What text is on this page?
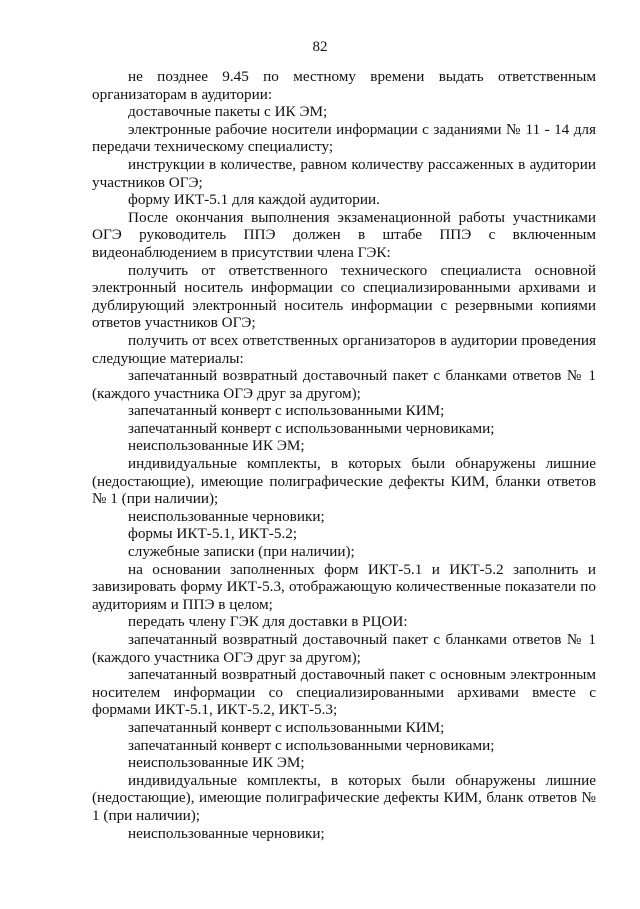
82

не позднее 9.45 по местному времени выдать ответственным организаторам в аудитории:

доставочные пакеты с ИК ЭМ;

электронные рабочие носители информации с заданиями № 11 - 14 для передачи техническому специалисту;

инструкции в количестве, равном количеству рассаженных в аудитории участников ОГЭ;

форму ИКТ-5.1 для каждой аудитории.

После окончания выполнения экзаменационной работы участниками ОГЭ руководитель ППЭ должен в штабе ППЭ с включенным видеонаблюдением в присутствии члена ГЭК:

получить от ответственного технического специалиста основной электронный носитель информации со специализированными архивами и дублирующий электронный носитель информации с резервными копиями ответов участников ОГЭ;

получить от всех ответственных организаторов в аудитории проведения следующие материалы:

запечатанный возвратный доставочный пакет с бланками ответов № 1 (каждого участника ОГЭ друг за другом);

запечатанный конверт с использованными КИМ;

запечатанный конверт с использованными черновиками;

неиспользованные ИК ЭМ;

индивидуальные комплекты, в которых были обнаружены лишние (недостающие), имеющие полиграфические дефекты КИМ, бланки ответов № 1 (при наличии);

неиспользованные черновики;

формы ИКТ-5.1, ИКТ-5.2;

служебные записки (при наличии);

на основании заполненных форм ИКТ-5.1 и ИКТ-5.2 заполнить и завизировать форму ИКТ-5.3, отображающую количественные показатели по аудиториям и ППЭ в целом;

передать члену ГЭК для доставки в РЦОИ:

запечатанный возвратный доставочный пакет с бланками ответов № 1 (каждого участника ОГЭ друг за другом);

запечатанный возвратный доставочный пакет с основным электронным носителем информации со специализированными архивами вместе с формами ИКТ-5.1, ИКТ-5.2, ИКТ-5.3;

запечатанный конверт с использованными КИМ;

запечатанный конверт с использованными черновиками;

неиспользованные ИК ЭМ;

индивидуальные комплекты, в которых были обнаружены лишние (недостающие), имеющие полиграфические дефекты КИМ, бланк ответов № 1 (при наличии);

неиспользованные черновики;
